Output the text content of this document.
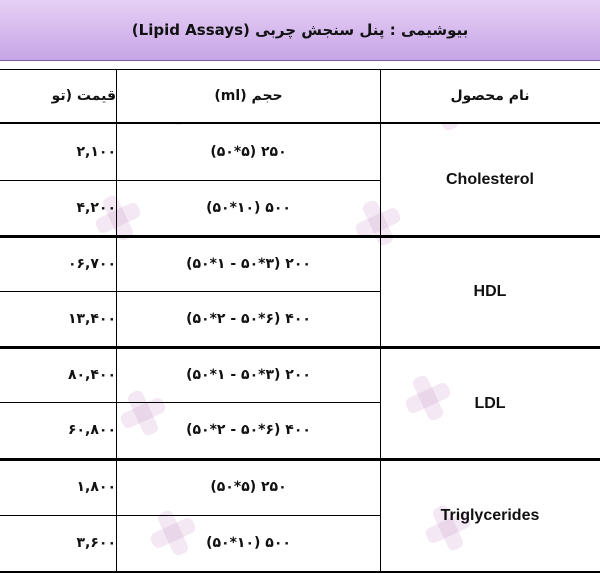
بیوشیمی : پنل سنجش چربی (Lipid Assays)
نام محصول
حجم (ml)
قیمت (تو
Cholesterol
۲۵۰ (۵*۵۰)
۲,۱۰۰
۵۰۰ (۱۰*۵۰)
۴,۲۰۰
HDL
۲۰۰ (۳*۵۰ - ۱*۵۰)
۰۶,۷۰۰
۴۰۰ (۶*۵۰ - ۲*۵۰)
۱۳,۴۰۰
LDL
۲۰۰ (۳*۵۰ - ۱*۵۰)
۸۰,۴۰۰
۴۰۰ (۶*۵۰ - ۲*۵۰)
۶۰,۸۰۰
Triglycerides
۲۵۰ (۵*۵۰)
۱,۸۰۰
۵۰۰ (۱۰*۵۰)
۳,۶۰۰
